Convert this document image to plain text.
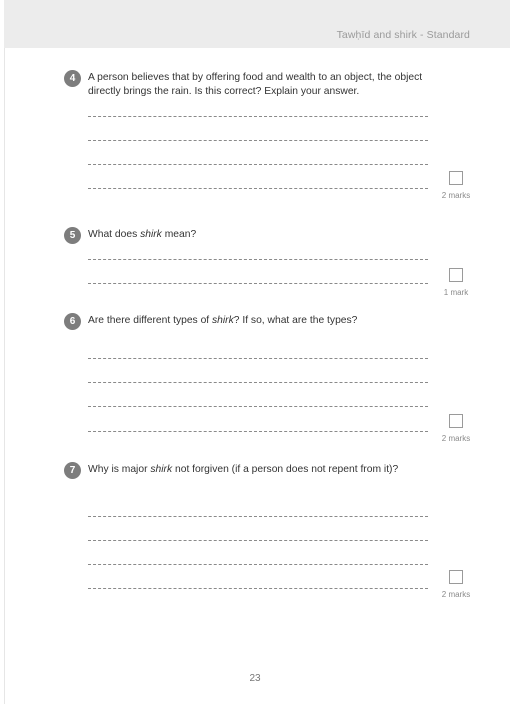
Tawḥīd and shirk - Standard
4	A person believes that by offering food and wealth to an object, the object directly brings the rain. Is this correct? Explain your answer.
2 marks
5	What does shirk mean?
1 mark
6	Are there different types of shirk? If so, what are the types?
2 marks
7	Why is major shirk not forgiven (if a person does not repent from it)?
2 marks
23
